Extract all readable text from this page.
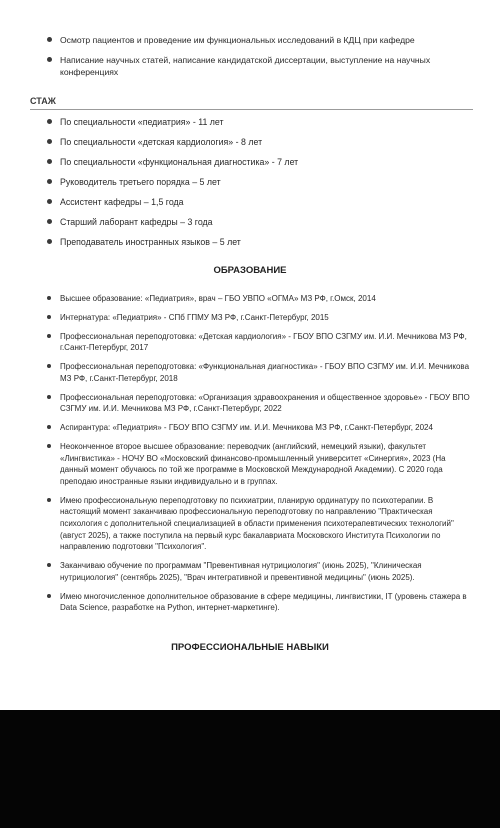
Осмотр пациентов и проведение им функциональных исследований в КДЦ при кафедре
Написание научных статей, написание кандидатской диссертации, выступление на научных конференциях
СТАЖ
По специальности «педиатрия» - 11 лет
По специальности «детская кардиология» - 8 лет
По специальности «функциональная диагностика» - 7 лет
Руководитель третьего порядка – 5 лет
Ассистент кафедры – 1,5 года
Старший лаборант кафедры – 3 года
Преподаватель иностранных языков – 5 лет
ОБРАЗОВАНИЕ
Высшее образование: «Педиатрия», врач – ГБО УВПО «ОГМА» МЗ РФ, г.Омск, 2014
Интернатура: «Педиатрия» - СПб ГПМУ МЗ РФ, г.Санкт-Петербург, 2015
Профессиональная переподготовка: «Детская кардиология» - ГБОУ ВПО СЗГМУ им. И.И. Мечникова МЗ РФ, г.Санкт-Петербург, 2017
Профессиональная переподготовка: «Функциональная диагностика» - ГБОУ ВПО СЗГМУ им. И.И. Мечникова МЗ РФ, г.Санкт-Петербург, 2018
Профессиональная переподготовка: «Организация здравоохранения и общественное здоровье» - ГБОУ ВПО СЗГМУ им. И.И. Мечникова МЗ РФ, г.Санкт-Петербург, 2022
Аспирантура: «Педиатрия» - ГБОУ ВПО СЗГМУ им. И.И. Мечникова МЗ РФ, г.Санкт-Петербург, 2024
Неоконченное второе высшее образование: переводчик (английский, немецкий языки), факультет «Лингвистика» - НОЧУ ВО «Московский финансово-промышленный университет «Синергия», 2023 (На данный момент обучаюсь по той же программе в Московской Международной Академии). С 2020 года преподаю иностранные языки индивидуально и в группах.
Имею профессиональную переподготовку по психиатрии, планирую ординатуру по психотерапии. В настоящий момент заканчиваю профессиональную переподготовку по направлению "Практическая психология с дополнительной специализацией в области применения психотерапевтических технологий" (август 2025), а также поступила на первый курс бакалавриата Московского Института Психологии по направлению подготовки "Психология".
Заканчиваю обучение по программам "Превентивная нутрициология" (июнь 2025), "Клиническая нутрициология" (сентябрь 2025), "Врач интегративной и превентивной медицины" (июнь 2025).
Имею многочисленное дополнительное образование в сфере медицины, лингвистики, IT (уровень стажера в Data Science, разработке на Python, интернет-маркетинге).
ПРОФЕССИОНАЛЬНЫЕ НАВЫКИ
